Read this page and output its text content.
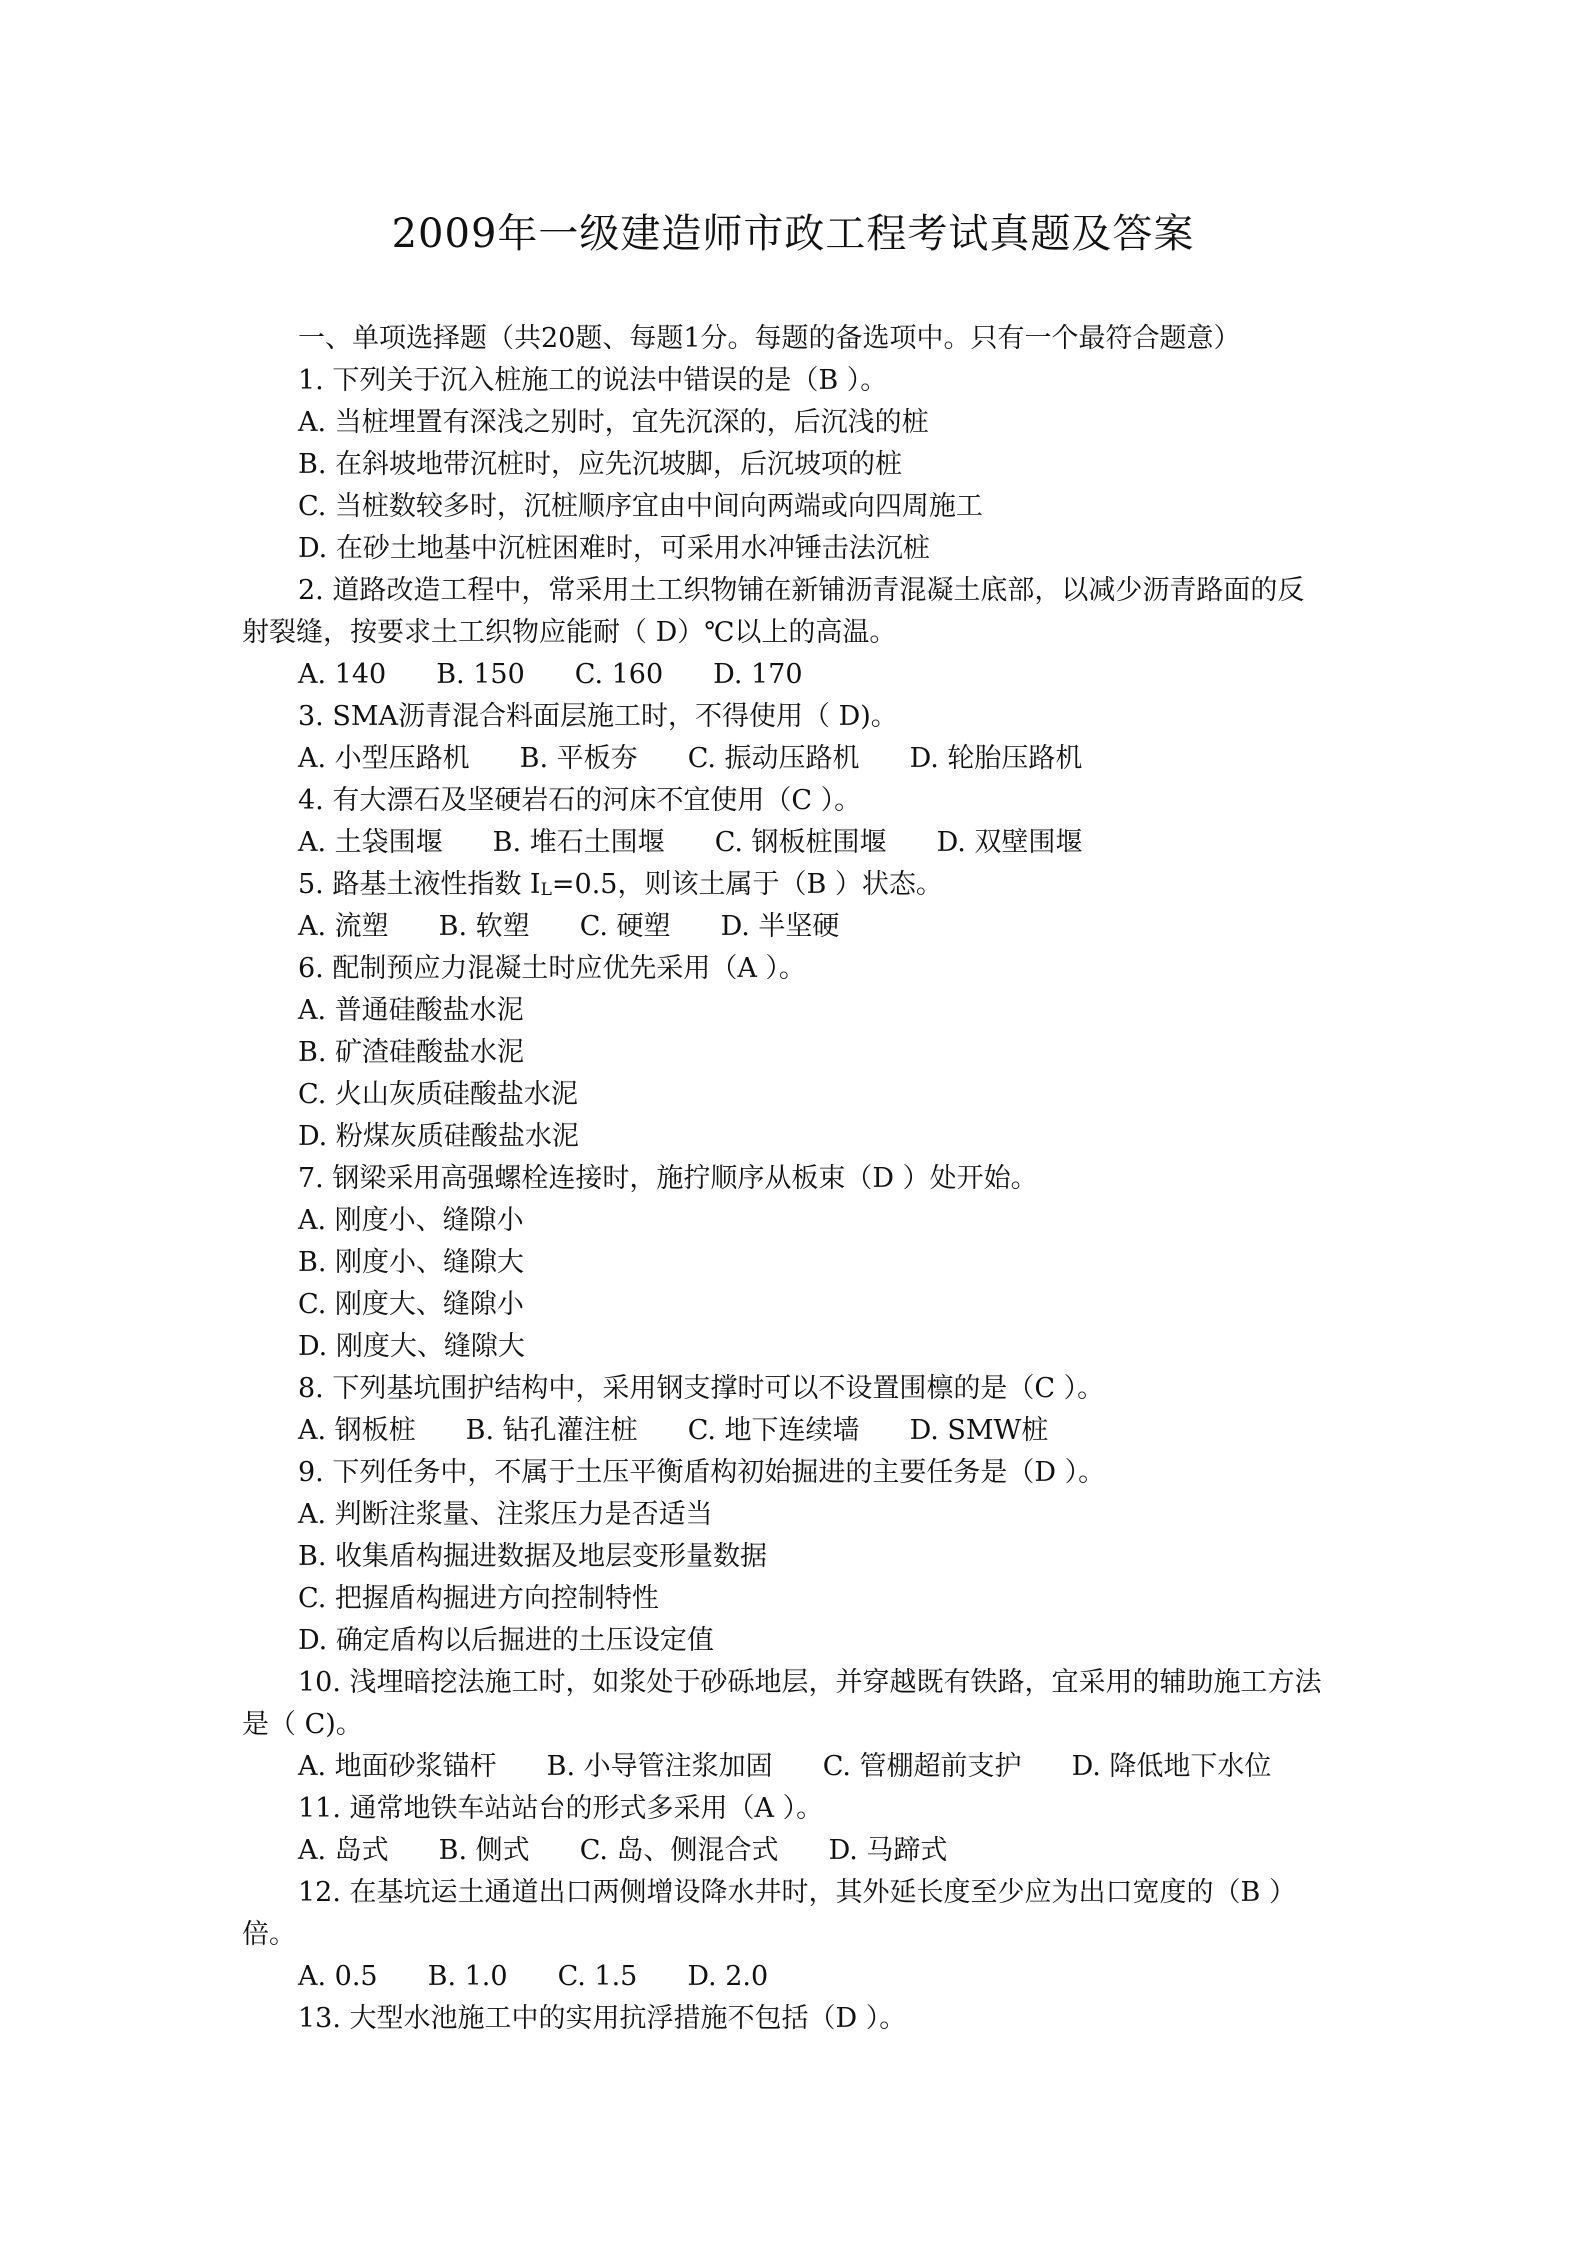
2009年一级建造师市政工程考试真题及答案
一、单项选择题（共20题、每题1分。每题的备选项中。只有一个最符合题意）
1. 下列关于沉入桩施工的说法中错误的是（B ）。
A. 当桩埋置有深浅之别时，宜先沉深的，后沉浅的桩
B. 在斜坡地带沉桩时，应先沉坡脚，后沉坡项的桩
C. 当桩数较多时，沉桩顺序宜由中间向两端或向四周施工
D. 在砂土地基中沉桩困难时，可采用水冲锤击法沉桩
2. 道路改造工程中，常采用土工织物铺在新铺沥青混凝土底部，以减少沥青路面的反
射裂缝，按要求土工织物应能耐（ D）℃以上的高温。
A. 140 B. 150 C. 160 D. 170
3. SMA沥青混合料面层施工时，不得使用（ D)。
A. 小型压路机 B. 平板夯 C. 振动压路机 D. 轮胎压路机
4. 有大漂石及坚硬岩石的河床不宜使用（C ）。
A. 土袋围堰 B. 堆石土围堰 C. 钢板桩围堰 D. 双壁围堰
5. 路基土液性指数 IL=0.5，则该土属于（B ）状态。
A. 流塑 B. 软塑 C. 硬塑 D. 半坚硬
6. 配制预应力混凝土时应优先采用（A ）。
A. 普通硅酸盐水泥
B. 矿渣硅酸盐水泥
C. 火山灰质硅酸盐水泥
D. 粉煤灰质硅酸盐水泥
7. 钢梁采用高强螺栓连接时，施拧顺序从板束（D ）处开始。
A. 刚度小、缝隙小
B. 刚度小、缝隙大
C. 刚度大、缝隙小
D. 刚度大、缝隙大
8. 下列基坑围护结构中，采用钢支撑时可以不设置围檩的是（C ）。
A. 钢板桩 B. 钻孔灌注桩 C. 地下连续墙 D. SMW桩
9. 下列任务中，不属于土压平衡盾构初始掘进的主要任务是（D ）。
A. 判断注浆量、注浆压力是否适当
B. 收集盾构掘进数据及地层变形量数据
C. 把握盾构掘进方向控制特性
D. 确定盾构以后掘进的土压设定值
10. 浅埋暗挖法施工时，如浆处于砂砾地层，并穿越既有铁路，宜采用的辅助施工方法
是（ C)。
A. 地面砂浆锚杆 B. 小导管注浆加固 C. 管棚超前支护 D. 降低地下水位
11. 通常地铁车站站台的形式多采用（A ）。
A. 岛式 B. 侧式 C. 岛、侧混合式 D. 马蹄式
12. 在基坑运土通道出口两侧增设降水井时，其外延长度至少应为出口宽度的（B ）
倍。
A. 0.5 B. 1.0 C. 1.5 D. 2.0
13. 大型水池施工中的实用抗浮措施不包括（D ）。
